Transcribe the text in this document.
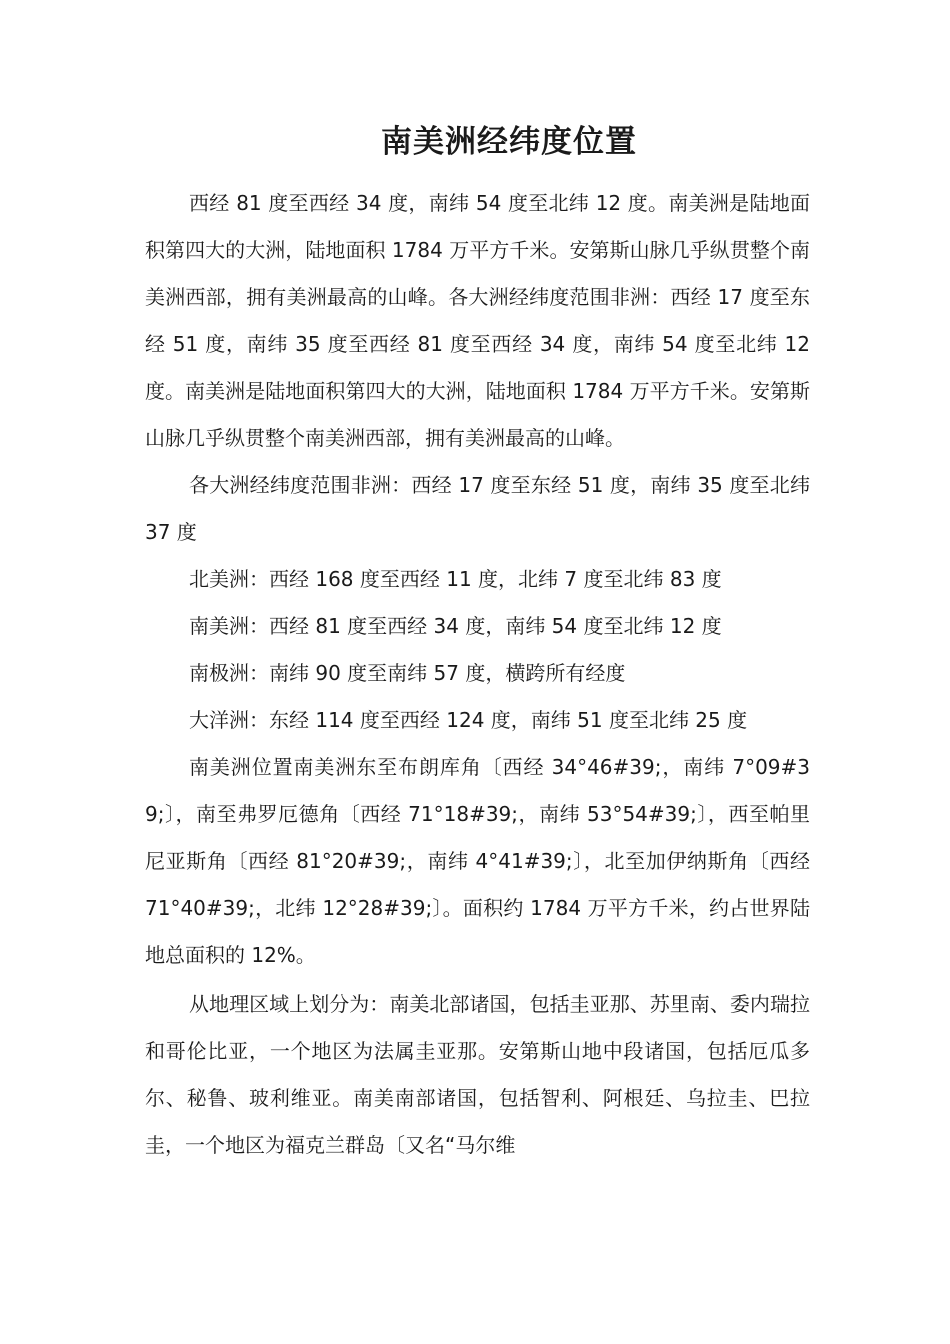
南美洲经纬度位置

西经 81 度至西经 34 度，南纬 54 度至北纬 12 度。南美洲是陆地面积第四大的大洲，陆地面积 1784 万平方千米。安第斯山脉几乎纵贯整个南美洲西部，拥有美洲最高的山峰。各大洲经纬度范围非洲：西经 17 度至东经 51 度，南纬 35 度至西经 81 度至西经 34 度，南纬 54 度至北纬 12 度。南美洲是陆地面积第四大的大洲，陆地面积 1784 万平方千米。安第斯山脉几乎纵贯整个南美洲西部，拥有美洲最高的山峰。

各大洲经纬度范围非洲：西经 17 度至东经 51 度，南纬 35 度至北纬 37 度

北美洲：西经 168 度至西经 11 度，北纬 7 度至北纬 83 度

南美洲：西经 81 度至西经 34 度，南纬 54 度至北纬 12 度

南极洲：南纬 90 度至南纬 57 度，横跨所有经度

大洋洲：东经 114 度至西经 124 度，南纬 51 度至北纬 25 度

南美洲位置南美洲东至布朗库角〔西经 34°46#39;，南纬 7°09#39;〕，南至弗罗厄德角〔西经 71°18#39;，南纬 53°54#39;〕，西至帕里尼亚斯角〔西经 81°20#39;，南纬 4°41#39;〕，北至加伊纳斯角〔西经 71°40#39;，北纬 12°28#39;〕。面积约 1784 万平方千米，约占世界陆地总面积的 12%。

从地理区域上划分为：南美北部诸国，包括圭亚那、苏里南、委内瑞拉和哥伦比亚，一个地区为法属圭亚那。安第斯山地中段诸国，包括厄瓜多尔、秘鲁、玻利维亚。南美南部诸国，包括智利、阿根廷、乌拉圭、巴拉圭，一个地区为福克兰群岛〔又名“马尔维
